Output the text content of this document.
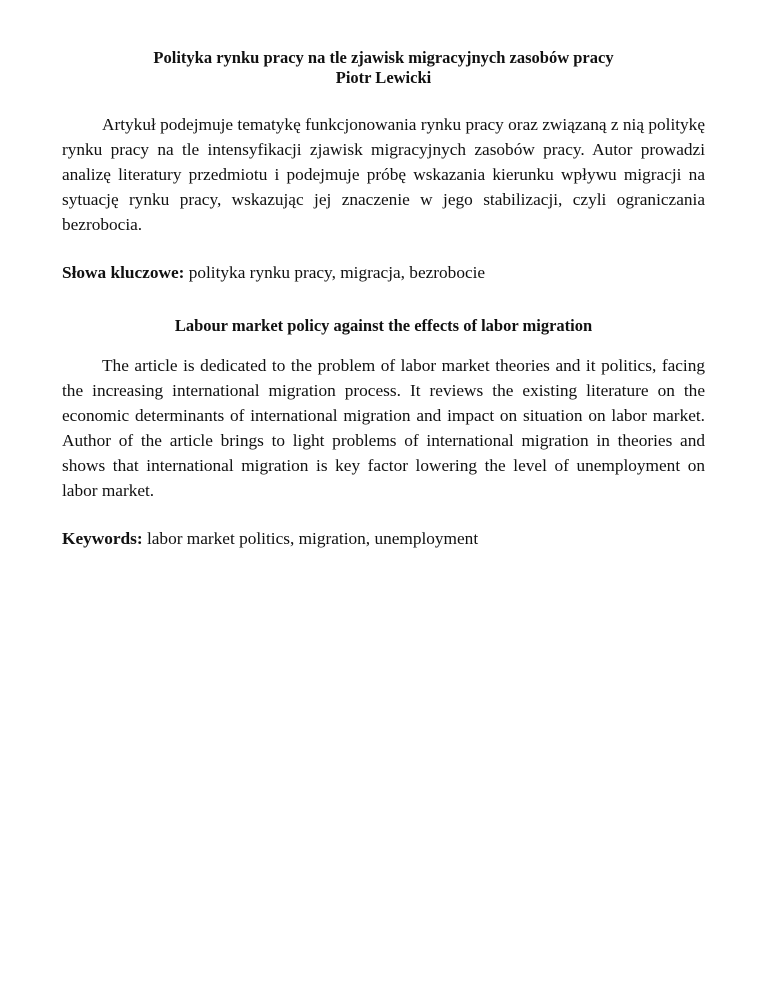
Polityka rynku pracy na tle zjawisk migracyjnych zasobów pracy

Piotr Lewicki

Artykuł podejmuje tematykę funkcjonowania rynku pracy oraz związaną z nią politykę rynku pracy na tle intensyfikacji zjawisk migracyjnych zasobów pracy. Autor prowadzi analizę literatury przedmiotu i podejmuje próbę wskazania kierunku wpływu migracji na sytuację rynku pracy, wskazując jej znaczenie w jego stabilizacji, czyli ograniczania bezrobocia.

Słowa kluczowe: polityka rynku pracy, migracja, bezrobocie

Labour market policy against the effects of labor migration

The article is dedicated to the problem of labor market theories and it politics, facing the increasing international migration process. It reviews the existing literature on the economic determinants of international migration and impact on situation on labor market. Author of the article brings to light problems of international migration in theories and shows that international migration is key factor lowering the level of unemployment on labor market.

Keywords: labor market politics, migration, unemployment
